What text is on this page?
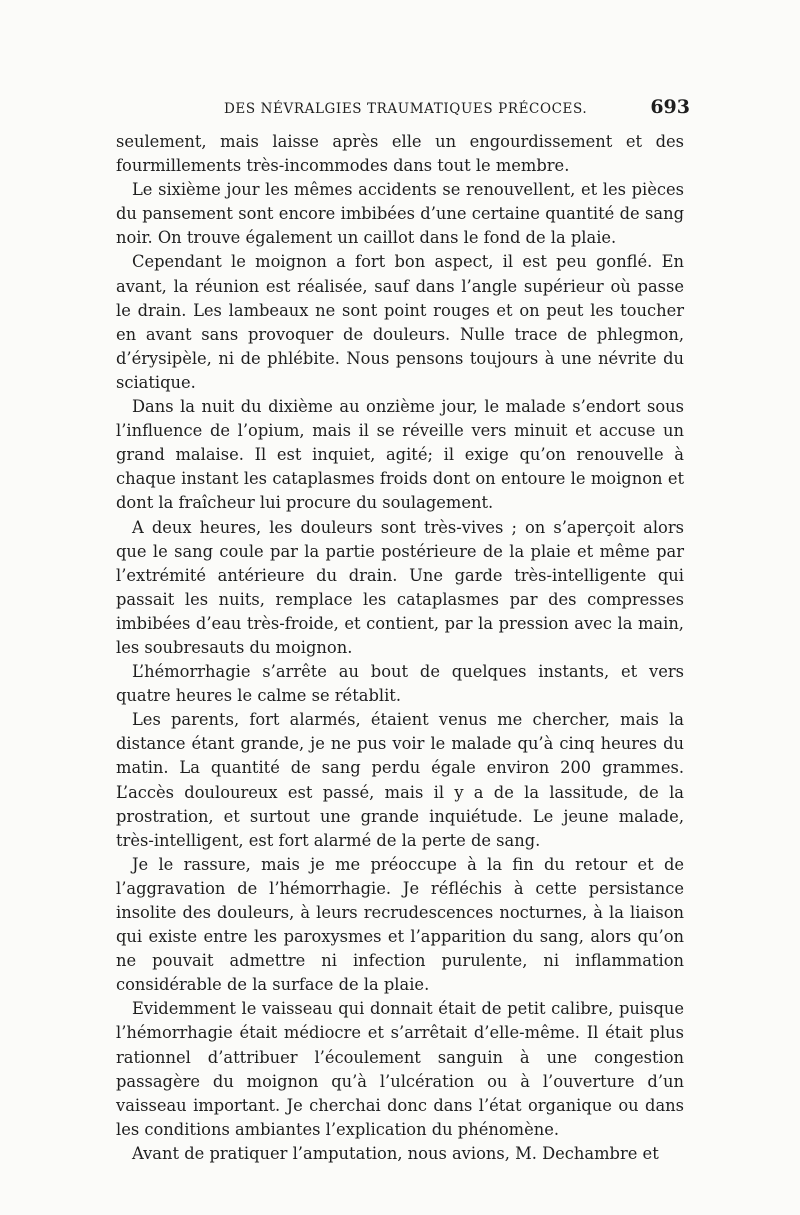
DES NÉVRALGIES TRAUMATIQUES PRÉCOCES.	693

seulement, mais laisse après elle un engourdissement et des fourmillements très-incommodes dans tout le membre.

Le sixième jour les mêmes accidents se renouvellent, et les pièces du pansement sont encore imbibées d’une certaine quantité de sang noir. On trouve également un caillot dans le fond de la plaie.

Cependant le moignon a fort bon aspect, il est peu gonflé. En avant, la réunion est réalisée, sauf dans l’angle supérieur où passe le drain. Les lambeaux ne sont point rouges et on peut les toucher en avant sans provoquer de douleurs. Nulle trace de phlegmon, d’érysipèle, ni de phlébite. Nous pensons toujours à une névrite du sciatique.

Dans la nuit du dixième au onzième jour, le malade s’endort sous l’influence de l’opium, mais il se réveille vers minuit et accuse un grand malaise. Il est inquiet, agité; il exige qu’on renouvelle à chaque instant les cataplasmes froids dont on entoure le moignon et dont la fraîcheur lui procure du soulagement.

A deux heures, les douleurs sont très-vives ; on s’aperçoit alors que le sang coule par la partie postérieure de la plaie et même par l’extrémité antérieure du drain. Une garde très-intelligente qui passait les nuits, remplace les cataplasmes par des compresses imbibées d’eau très-froide, et contient, par la pression avec la main, les soubresauts du moignon.

L’hémorrhagie s’arrête au bout de quelques instants, et vers quatre heures le calme se rétablit.

Les parents, fort alarmés, étaient venus me chercher, mais la distance étant grande, je ne pus voir le malade qu’à cinq heures du matin. La quantité de sang perdu égale environ 200 grammes. L’accès douloureux est passé, mais il y a de la lassitude, de la prostration, et surtout une grande inquiétude. Le jeune malade, très-intelligent, est fort alarmé de la perte de sang.

Je le rassure, mais je me préoccupe à la fin du retour et de l’aggravation de l’hémorrhagie. Je réfléchis à cette persistance insolite des douleurs, à leurs recrudescences nocturnes, à la liaison qui existe entre les paroxysmes et l’apparition du sang, alors qu’on ne pouvait admettre ni infection purulente, ni inflammation considérable de la surface de la plaie.

Evidemment le vaisseau qui donnait était de petit calibre, puisque l’hémorrhagie était médiocre et s’arrêtait d’elle-même. Il était plus rationnel d’attribuer l’écoulement sanguin à une congestion passagère du moignon qu’à l’ulcération ou à l’ouverture d’un vaisseau important. Je cherchai donc dans l’état organique ou dans les conditions ambiantes l’explication du phénomène.

Avant de pratiquer l’amputation, nous avions, M. Dechambre et
